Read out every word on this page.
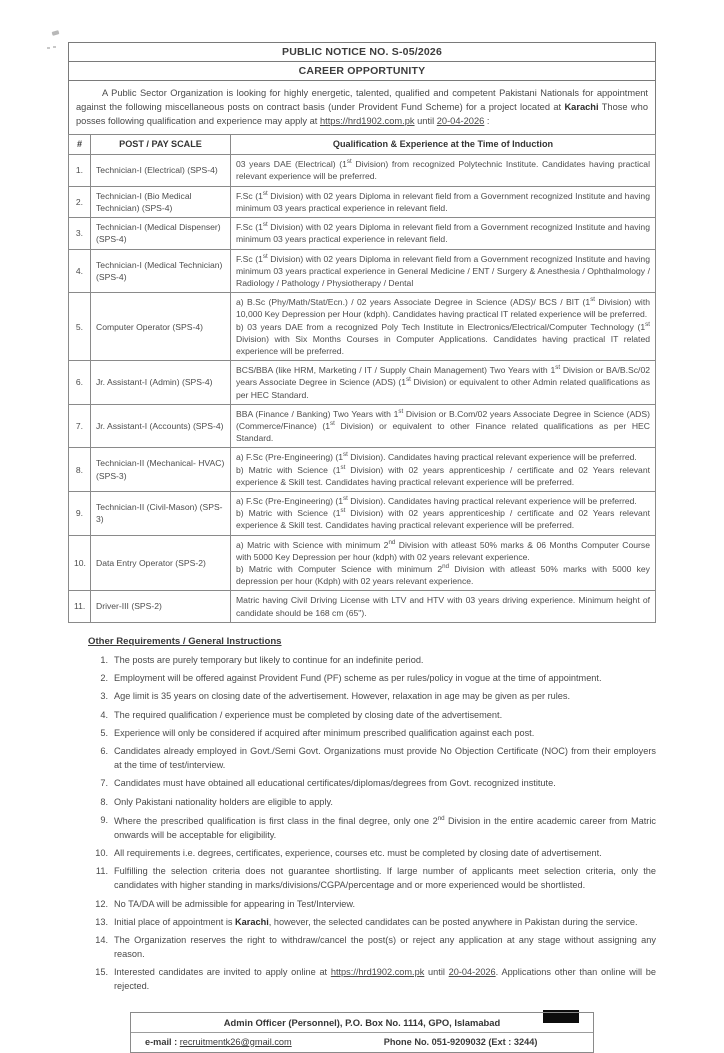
PUBLIC NOTICE NO. S-05/2026
CAREER OPPORTUNITY
A Public Sector Organization is looking for highly energetic, talented, qualified and competent Pakistani Nationals for appointment against the following miscellaneous posts on contract basis (under Provident Fund Scheme) for a project located at Karachi Those who posses following qualification and experience may apply at https://hrd1902.com.pk until 20-04-2026 :
#	POST / PAY SCALE	Qualification & Experience at the Time of Induction
1.	Technician-I (Electrical) (SPS-4)	03 years DAE (Electrical) (1st Division) from recognized Polytechnic Institute. Candidates having practical relevant experience will be preferred.
2.	Technician-I (Bio Medical Technician) (SPS-4)	F.Sc (1st Division) with 02 years Diploma in relevant field from a Government recognized Institute and having minimum 03 years practical experience in relevant field.
3.	Technician-I (Medical Dispenser) (SPS-4)	F.Sc (1st Division) with 02 years Diploma in relevant field from a Government recognized Institute and having minimum 03 years practical experience in relevant field.
4.	Technician-I (Medical Technician) (SPS-4)	F.Sc (1st Division) with 02 years Diploma in relevant field from a Government recognized Institute and having minimum 03 years practical experience in General Medicine / ENT / Surgery & Anesthesia / Ophthalmology / Radiology / Pathology / Physiotherapy / Dental
5.	Computer Operator (SPS-4)	a) B.Sc (Phy/Math/Stat/Ecn.) / 02 years Associate Degree in Science (ADS)/ BCS / BIT (1st Division) with 10,000 Key Depression per Hour (kdph). Candidates having practical IT related experience will be preferred.
b) 03 years DAE from a recognized Poly Tech Institute in Electronics/Electrical/Computer Technology (1st Division) with Six Months Courses in Computer Applications. Candidates having practical IT related experience will be preferred.
6.	Jr. Assistant-I (Admin) (SPS-4)	BCS/BBA (like HRM, Marketing / IT / Supply Chain Management) Two Years with 1st Division or BA/B.Sc/02 years Associate Degree in Science (ADS) (1st Division) or equivalent to other Admin related qualifications as per HEC Standard.
7.	Jr. Assistant-I (Accounts) (SPS-4)	BBA (Finance / Banking) Two Years with 1st Division or B.Com/02 years Associate Degree in Science (ADS) (Commerce/Finance) (1st Division) or equivalent to other Finance related qualifications as per HEC Standard.
8.	Technician-II (Mechanical- HVAC) (SPS-3)	a) F.Sc (Pre-Engineering) (1st Division). Candidates having practical relevant experience will be preferred.
b) Matric with Science (1st Division) with 02 years apprenticeship / certificate and 02 Years relevant experience & Skill test. Candidates having practical relevant experience will be preferred.
9.	Technician-II (Civil-Mason) (SPS-3)	a) F.Sc (Pre-Engineering) (1st Division). Candidates having practical relevant experience will be preferred.
b) Matric with Science (1st Division) with 02 years apprenticeship / certificate and 02 Years relevant experience & Skill test. Candidates having practical relevant experience will be preferred.
10.	Data Entry Operator (SPS-2)	a) Matric with Science with minimum 2nd Division with atleast 50% marks & 06 Months Computer Course with 5000 Key Depression per hour (kdph) with 02 years relevant experience.
b) Matric with Computer Science with minimum 2nd Division with atleast 50% marks with 5000 key depression per hour (Kdph) with 02 years relevant experience.
11.	Driver-III (SPS-2)	Matric having Civil Driving License with LTV and HTV with 03 years driving experience. Minimum height of candidate should be 168 cm (65").
Other Requirements / General Instructions
1. The posts are purely temporary but likely to continue for an indefinite period.
2. Employment will be offered against Provident Fund (PF) scheme as per rules/policy in vogue at the time of appointment.
3. Age limit is 35 years on closing date of the advertisement. However, relaxation in age may be given as per rules.
4. The required qualification / experience must be completed by closing date of the advertisement.
5. Experience will only be considered if acquired after minimum prescribed qualification against each post.
6. Candidates already employed in Govt./Semi Govt. Organizations must provide No Objection Certificate (NOC) from their employers at the time of test/interview.
7. Candidates must have obtained all educational certificates/diplomas/degrees from Govt. recognized institute.
8. Only Pakistani nationality holders are eligible to apply.
9. Where the prescribed qualification is first class in the final degree, only one 2nd Division in the entire academic career from Matric onwards will be acceptable for eligibility.
10. All requirements i.e. degrees, certificates, experience, courses etc. must be completed by closing date of advertisement.
11. Fulfilling the selection criteria does not guarantee shortlisting. If large number of applicants meet selection criteria, only the candidates with higher standing in marks/divisions/CGPA/percentage and or more experienced would be shortlisted.
12. No TA/DA will be admissible for appearing in Test/Interview.
13. Initial place of appointment is Karachi, however, the selected candidates can be posted anywhere in Pakistan during the service.
14. The Organization reserves the right to withdraw/cancel the post(s) or reject any application at any stage without assigning any reason.
15. Interested candidates are invited to apply online at https://hrd1902.com.pk until 20-04-2026. Applications other than online will be rejected.
Admin Officer (Personnel), P.O. Box No. 1114, GPO, Islamabad
e-mail : recruitmentk26@gmail.com	Phone No. 051-9209032 (Ext : 3244)
